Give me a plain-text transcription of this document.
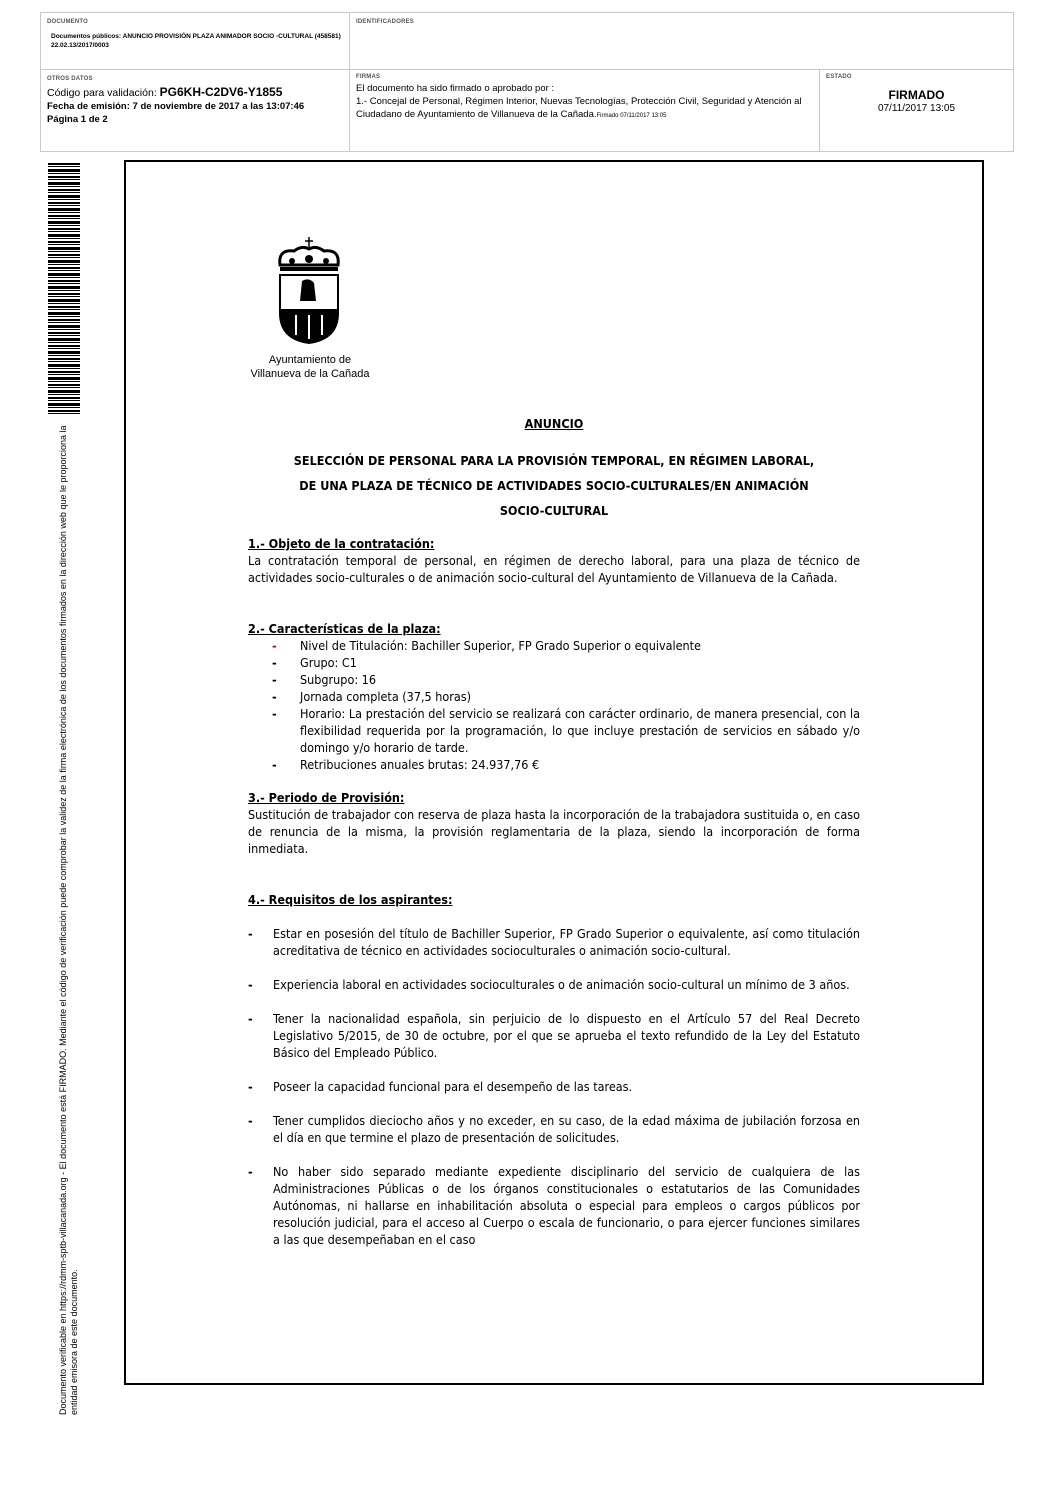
DOCUMENTO
Documentos públicos: ANUNCIO PROVISIÓN PLAZA ANIMADOR SOCIO -CULTURAL (458581) 22.02.13/2017/0003
IDENTIFICADORES
OTROS DATOS
Código para validación: PG6KH-C2DV6-Y1855
Fecha de emisión: 7 de noviembre de 2017 a las 13:07:46
Página 1 de 2
FIRMAS
El documento ha sido firmado o aprobado por :
1.- Concejal de Personal, Régimen Interior, Nuevas Tecnologías, Protección Civil, Seguridad y Atención al Ciudadano de Ayuntamiento de Villanueva de la Cañada.Firmado 07/11/2017 13:05
ESTADO
FIRMADO
07/11/2017 13:05
Documento verificable en https://rdmm-sptb-villacanada.org - El documento está FIRMADO. Mediante el código de verificación puede comprobar la validez de la firma electrónica de los documentos firmados en la dirección web que le proporciona la entidad emisora de este documento.
Ayuntamiento de
Villanueva de la Cañada
ANUNCIO
SELECCIÓN DE PERSONAL PARA LA PROVISIÓN TEMPORAL, EN RÉGIMEN LABORAL,
DE UNA PLAZA DE TÉCNICO DE ACTIVIDADES SOCIO-CULTURALES/EN ANIMACIÓN
SOCIO-CULTURAL
1.- Objeto de la contratación:

La contratación temporal de personal, en régimen de derecho laboral, para una plaza de técnico de actividades socio-culturales o de animación socio-cultural del Ayuntamiento de Villanueva de la Cañada.

2.- Características de la plaza:
- Nivel de Titulación: Bachiller Superior, FP Grado Superior o equivalente
- Grupo: C1
- Subgrupo: 16
- Jornada completa (37,5 horas)
- Horario: La prestación del servicio se realizará con carácter ordinario, de manera presencial, con la flexibilidad requerida por la programación, lo que incluye prestación de servicios en sábado y/o domingo y/o horario de tarde.
- Retribuciones anuales brutas: 24.937,76 €
3.- Periodo de Provisión:

Sustitución de trabajador con reserva de plaza hasta la incorporación de la trabajadora sustituida o, en caso de renuncia de la misma, la provisión reglamentaria de la plaza, siendo la incorporación de forma inmediata.

4.- Requisitos de los aspirantes:
- Estar en posesión del título de Bachiller Superior, FP Grado Superior o equivalente, así como titulación acreditativa de técnico en actividades socioculturales o animación socio-cultural.
- Experiencia laboral en actividades socioculturales o de animación socio-cultural un mínimo de 3 años.
- Tener la nacionalidad española, sin perjuicio de lo dispuesto en el Artículo 57 del Real Decreto Legislativo 5/2015, de 30 de octubre, por el que se aprueba el texto refundido de la Ley del Estatuto Básico del Empleado Público.
- Poseer la capacidad funcional para el desempeño de las tareas.
- Tener cumplidos dieciocho años y no exceder, en su caso, de la edad máxima de jubilación forzosa en el día en que termine el plazo de presentación de solicitudes.
- No haber sido separado mediante expediente disciplinario del servicio de cualquiera de las Administraciones Públicas o de los órganos constitucionales o estatutarios de las Comunidades Autónomas, ni hallarse en inhabilitación absoluta o especial para empleos o cargos públicos por resolución judicial, para el acceso al Cuerpo o escala de funcionario, o para ejercer funciones similares a las que desempeñaban en el caso
